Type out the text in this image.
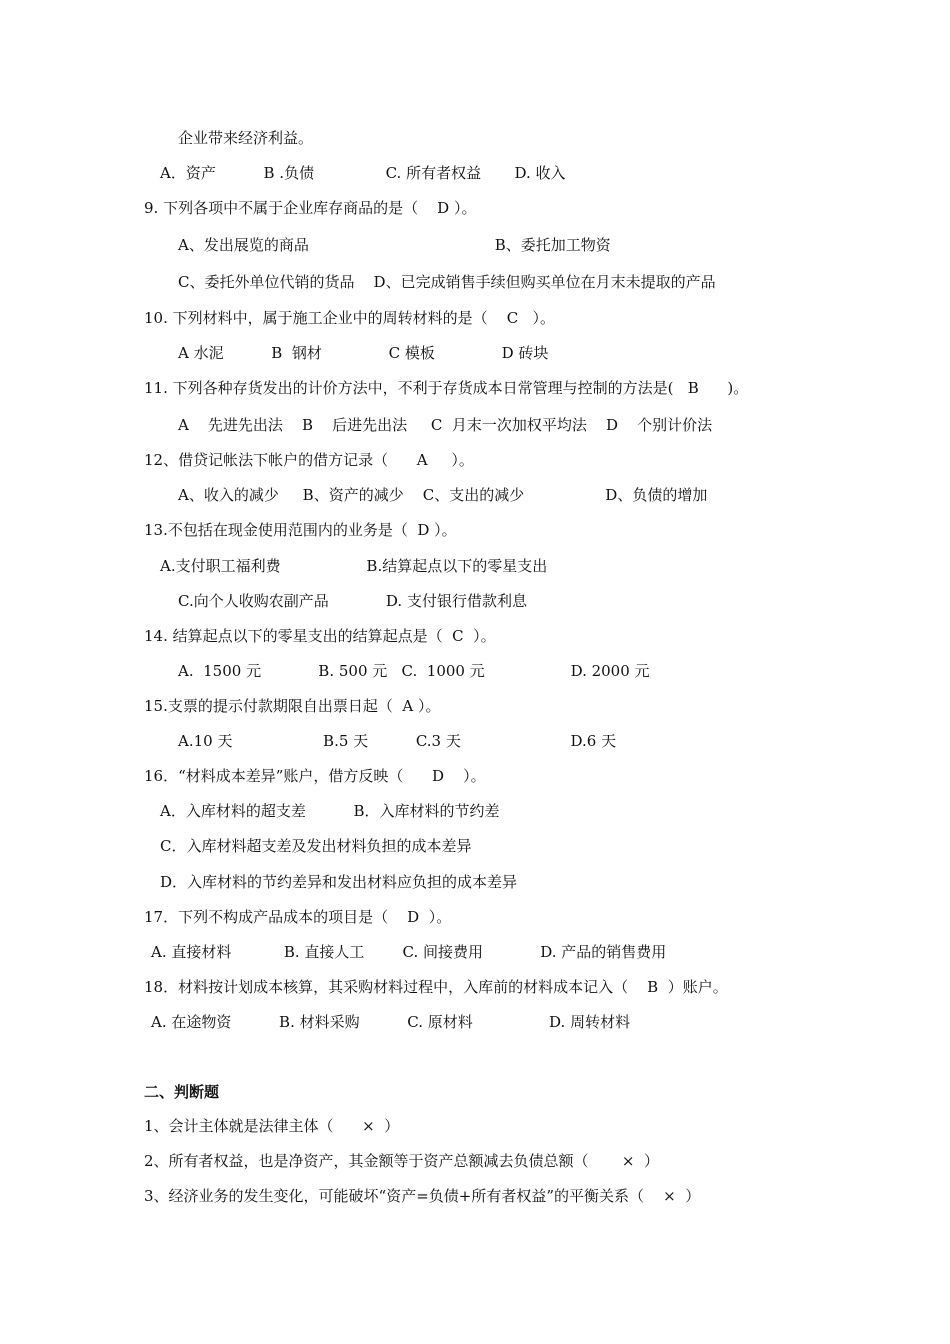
企业带来经济利益。

A．资产          B .负债               C. 所有者权益       D. 收入

9. 下列各项中不属于企业库存商品的是（    D ）。

A、发出展览的商品                                       B、委托加工物资

C、委托外单位代销的货品    D、已完成销售手续但购买单位在月末未提取的产品

10. 下列材料中，属于施工企业中的周转材料的是（    C   ）。

A 水泥          B  钢材              C 模板              D 砖块

11. 下列各种存货发出的计价方法中，不利于存货成本日常管理与控制的方法是(   B      )。

A    先进先出法    B    后进先出法     C  月末一次加权平均法    D    个别计价法

12、借贷记帐法下帐户的借方记录（      A     ）。

A、收入的减少     B、资产的减少    C、支出的减少                 D、负债的增加

13.不包括在现金使用范围内的业务是（  D ）。

A.支付职工福利费                  B.结算起点以下的零星支出

C.向个人收购农副产品            D. 支付银行借款利息

14. 结算起点以下的零星支出的结算起点是（  C  ）。

A.  1500 元            B. 500 元   C.  1000 元                  D. 2000 元

15.支票的提示付款期限自出票日起（  A ）。

A.10 天                   B.5 天          C.3 天                       D.6 天

16．“材料成本差异”账户，借方反映（      D    ）。

A．入库材料的超支差          B．入库材料的节约差

C．入库材料超支差及发出材料负担的成本差异

D．入库材料的节约差异和发出材料应负担的成本差异

17．下列不构成产品成本的项目是（    D  ）。

A. 直接材料           B. 直接人工        C. 间接费用            D. 产品的销售费用

18．材料按计划成本核算，其采购材料过程中，入库前的材料成本记入（    B  ）账户。

A. 在途物资          B. 材料采购          C. 原材料                D. 周转材料

二、判断题

1、会计主体就是法律主体（      ×  ）

2、所有者权益，也是净资产，其金额等于资产总额减去负债总额（       ×  ）

3、经济业务的发生变化，可能破坏“资产=负债+所有者权益”的平衡关系（    ×  ）
